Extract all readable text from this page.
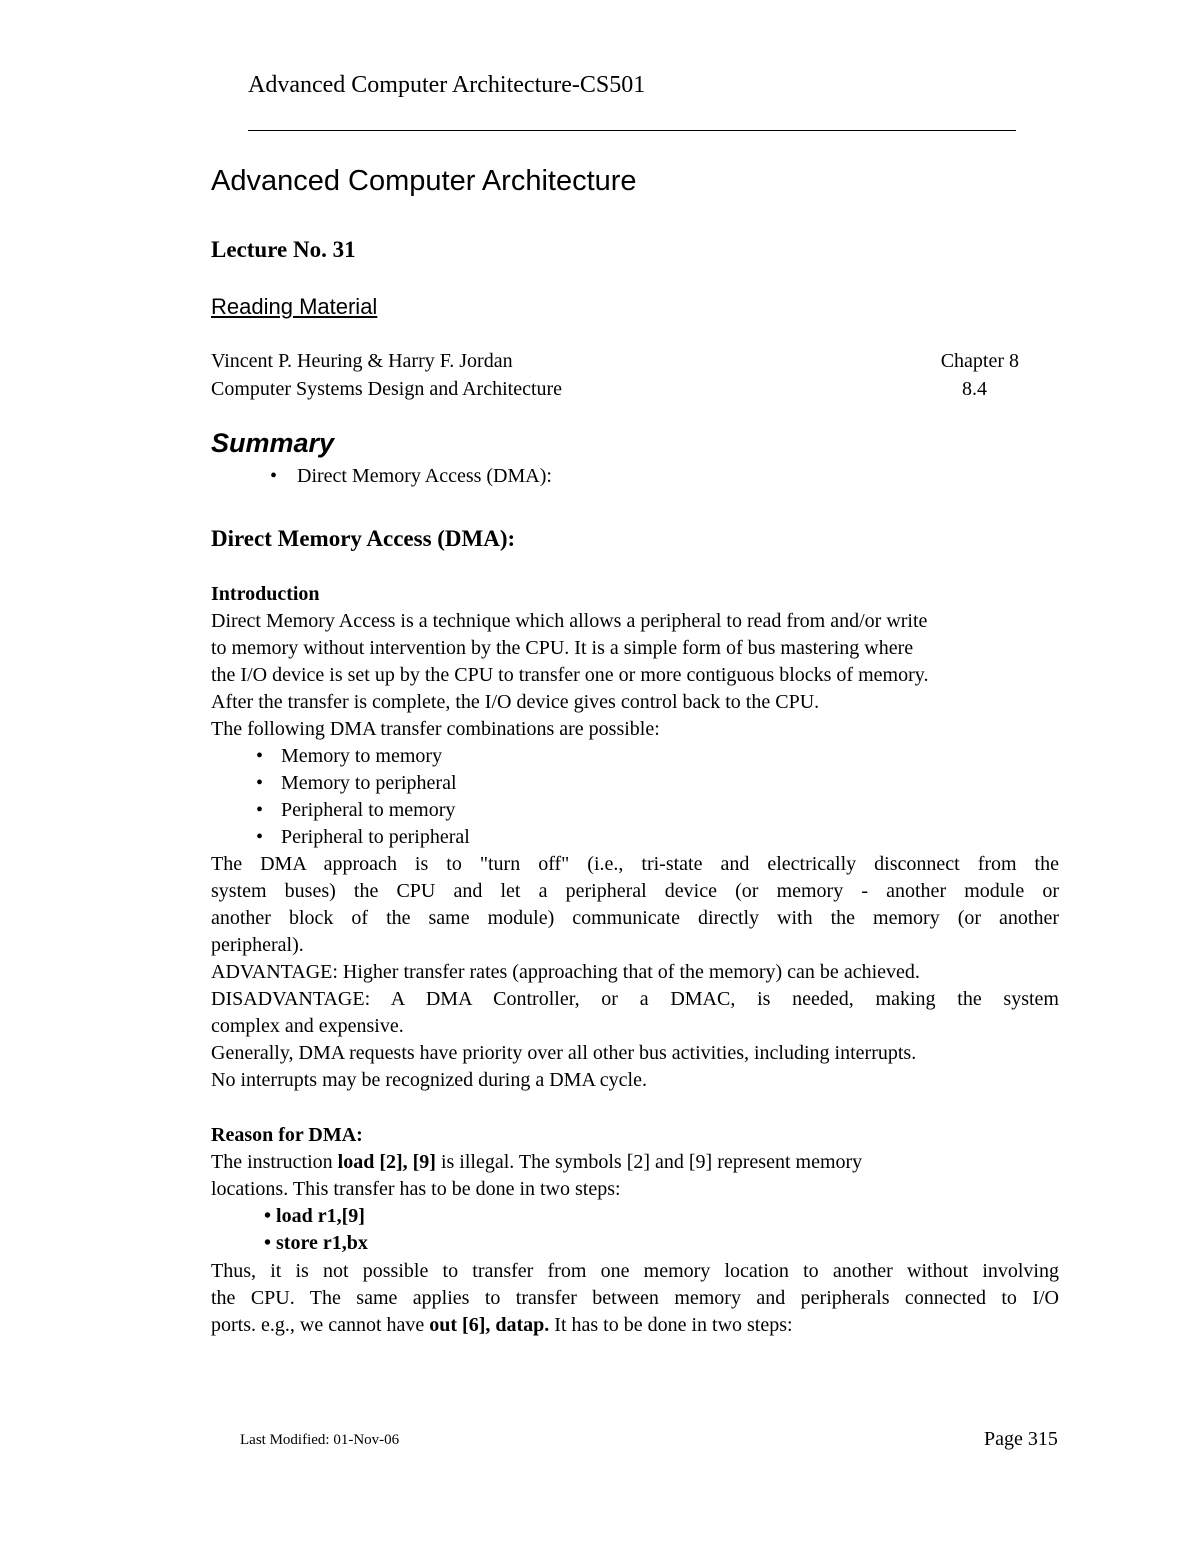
Advanced Computer Architecture-CS501
Advanced Computer Architecture
Lecture No. 31
Reading Material
Vincent P. Heuring & Harry F. Jordan	Chapter 8
Computer Systems Design and Architecture	8.4
Summary
• Direct Memory Access (DMA):
Direct Memory Access (DMA):
Introduction
Direct Memory Access is a technique which allows a peripheral to read from and/or write
to memory without intervention by the CPU. It is a simple form of bus mastering where
the I/O device is set up by the CPU to transfer one or more contiguous blocks of memory.
After the transfer is complete, the I/O device gives control back to the CPU.
The following DMA transfer combinations are possible:
• Memory to memory
• Memory to peripheral
• Peripheral to memory
• Peripheral to peripheral
The DMA approach is to "turn off" (i.e., tri-state and electrically disconnect from the
system buses) the CPU and let a peripheral device (or memory - another module or
another block of the same module) communicate directly with the memory (or another
peripheral).
ADVANTAGE: Higher transfer rates (approaching that of the memory) can be achieved.
DISADVANTAGE: A DMA Controller, or a DMAC, is needed, making the system
complex and expensive.
Generally, DMA requests have priority over all other bus activities, including interrupts.
No interrupts may be recognized during a DMA cycle.
Reason for DMA:
The instruction load [2], [9] is illegal. The symbols [2] and [9] represent memory
locations. This transfer has to be done in two steps:
• load r1,[9]
• store r1,bx
Thus, it is not possible to transfer from one memory location to another without involving
the CPU. The same applies to transfer between memory and peripherals connected to I/O
ports. e.g., we cannot have out [6], datap. It has to be done in two steps:
Last Modified: 01-Nov-06	Page 315
